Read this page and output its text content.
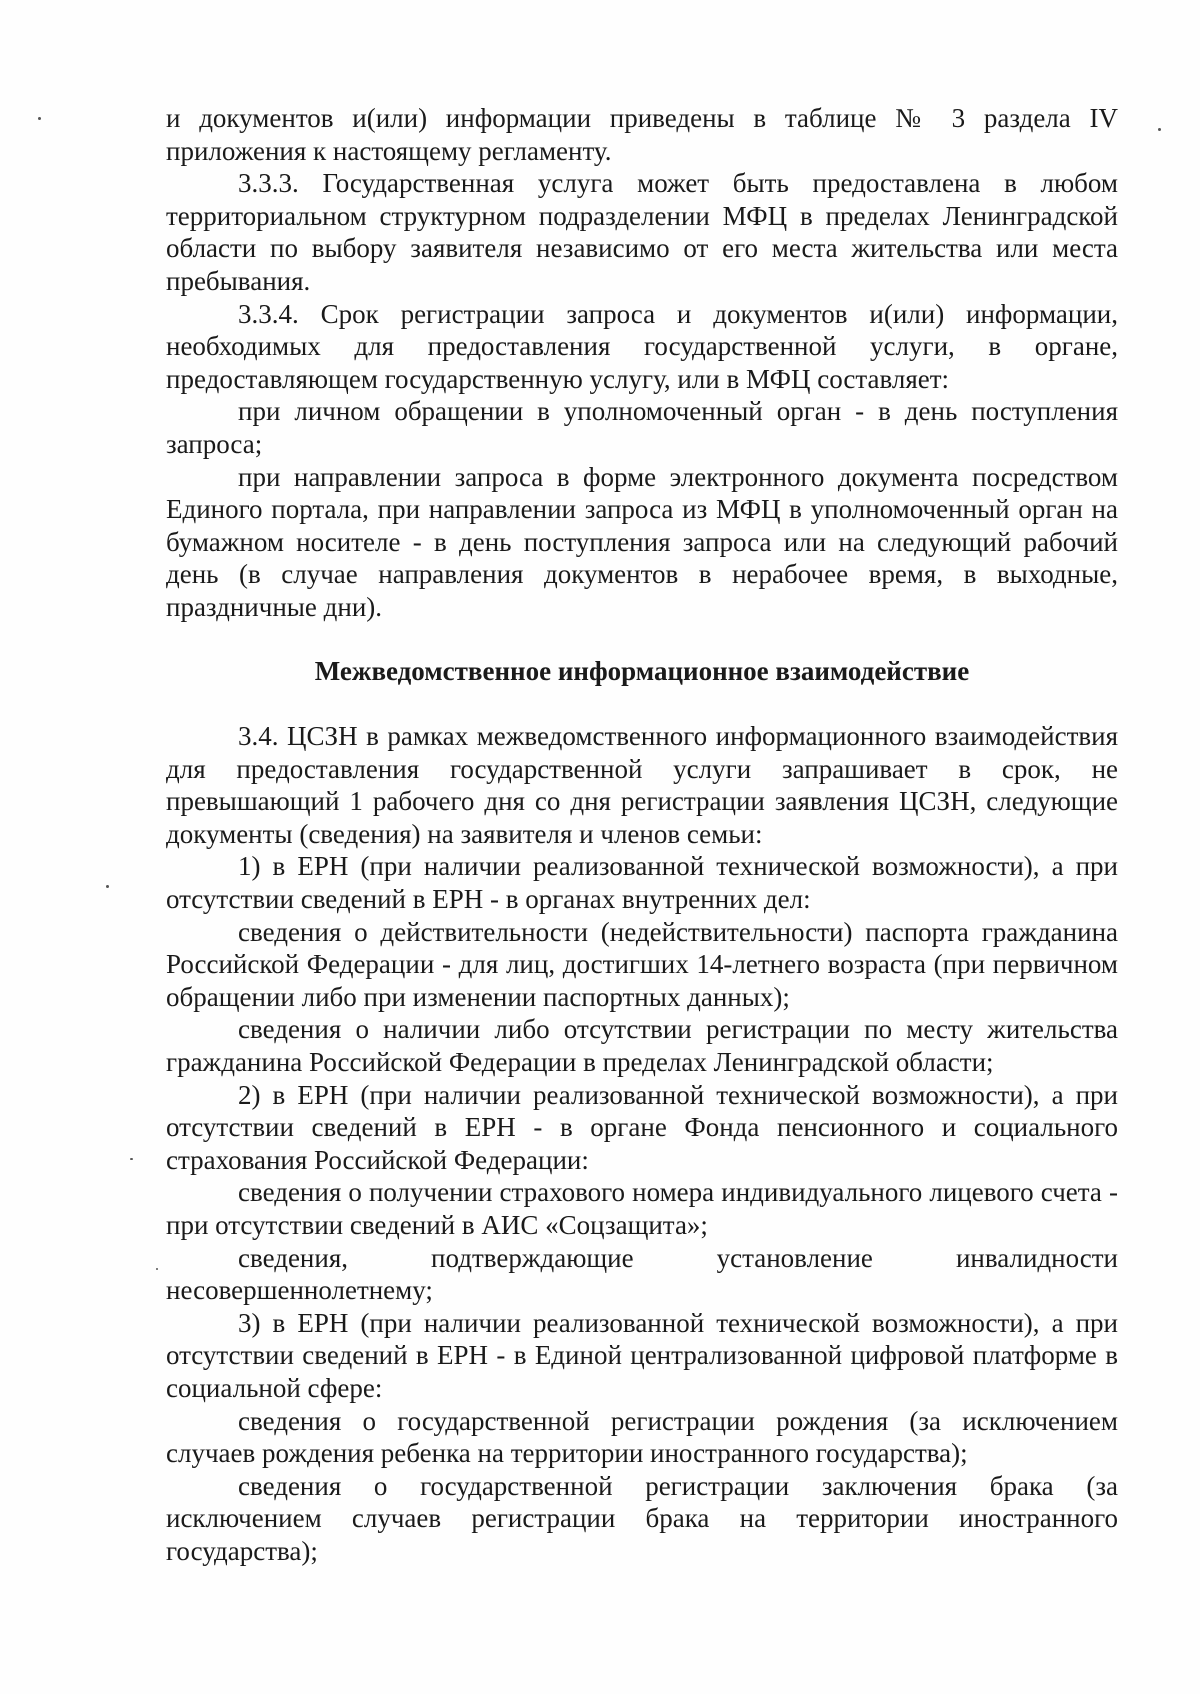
и документов и(или) информации приведены в таблице № 3 раздела IV приложения к настоящему регламенту.

3.3.3. Государственная услуга может быть предоставлена в любом территориальном структурном подразделении МФЦ в пределах Ленинградской области по выбору заявителя независимо от его места жительства или места пребывания.

3.3.4. Срок регистрации запроса и документов и(или) информации, необходимых для предоставления государственной услуги, в органе, предоставляющем государственную услугу, или в МФЦ составляет:

при личном обращении в уполномоченный орган - в день поступления запроса;

при направлении запроса в форме электронного документа посредством Единого портала, при направлении запроса из МФЦ в уполномоченный орган на бумажном носителе - в день поступления запроса или на следующий рабочий день (в случае направления документов в нерабочее время, в выходные, праздничные дни).

Межведомственное информационное взаимодействие

3.4. ЦСЗН в рамках межведомственного информационного взаимодействия для предоставления государственной услуги запрашивает в срок, не превышающий 1 рабочего дня со дня регистрации заявления ЦСЗН, следующие документы (сведения) на заявителя и членов семьи:

1) в ЕРН (при наличии реализованной технической возможности), а при отсутствии сведений в ЕРН - в органах внутренних дел:

сведения о действительности (недействительности) паспорта гражданина Российской Федерации - для лиц, достигших 14-летнего возраста (при первичном обращении либо при изменении паспортных данных);

сведения о наличии либо отсутствии регистрации по месту жительства гражданина Российской Федерации в пределах Ленинградской области;

2) в ЕРН (при наличии реализованной технической возможности), а при отсутствии сведений в ЕРН - в органе Фонда пенсионного и социального страхования Российской Федерации:

сведения о получении страхового номера индивидуального лицевого счета - при отсутствии сведений в АИС «Соцзащита»;

сведения, подтверждающие установление инвалидности несовершеннолетнему;

3) в ЕРН (при наличии реализованной технической возможности), а при отсутствии сведений в ЕРН - в Единой централизованной цифровой платформе в социальной сфере:

сведения о государственной регистрации рождения (за исключением случаев рождения ребенка на территории иностранного государства);

сведения о государственной регистрации заключения брака (за исключением случаев регистрации брака на территории иностранного государства);
